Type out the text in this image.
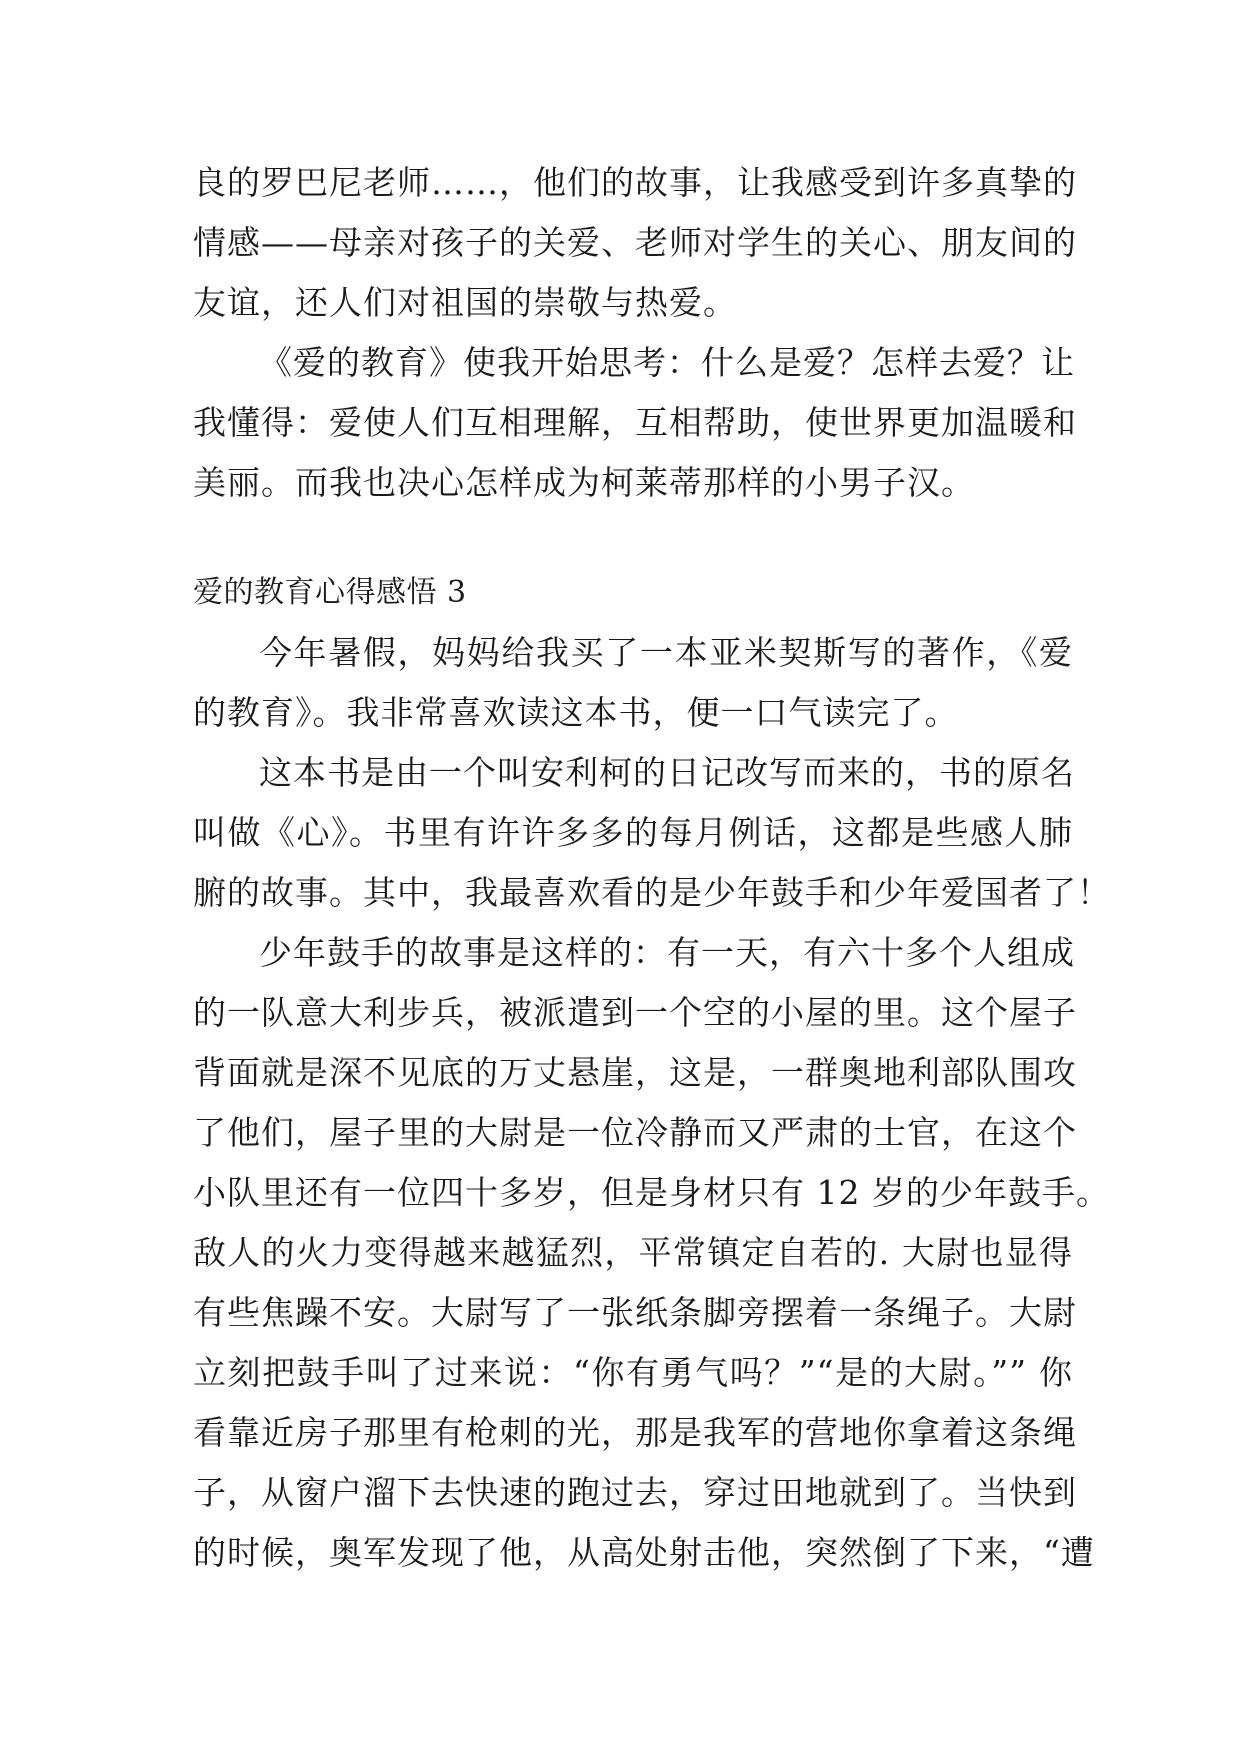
良的罗巴尼老师……，他们的故事，让我感受到许多真挚的
情感——母亲对孩子的关爱、老师对学生的关心、朋友间的
友谊，还人们对祖国的崇敬与热爱。
《爱的教育》使我开始思考：什么是爱？怎样去爱？让
我懂得：爱使人们互相理解，互相帮助，使世界更加温暖和
美丽。而我也决心怎样成为柯莱蒂那样的小男子汉。
爱的教育心得感悟 3
今年暑假，妈妈给我买了一本亚米契斯写的著作，《爱
的教育》。我非常喜欢读这本书，便一口气读完了。
这本书是由一个叫安利柯的日记改写而来的，书的原名
叫做《心》。书里有许许多多的每月例话，这都是些感人肺
腑的故事。其中，我最喜欢看的是少年鼓手和少年爱国者了！
少年鼓手的故事是这样的：有一天，有六十多个人组成
的一队意大利步兵，被派遣到一个空的小屋的里。这个屋子
背面就是深不见底的万丈悬崖，这是，一群奥地利部队围攻
了他们，屋子里的大尉是一位冷静而又严肃的士官，在这个
小队里还有一位四十多岁，但是身材只有 12 岁的少年鼓手。
敌人的火力变得越来越猛烈，平常镇定自若的. 大尉也显得
有些焦躁不安。大尉写了一张纸条脚旁摆着一条绳子。大尉
立刻把鼓手叫了过来说：“你有勇气吗？”“是的大尉。”” 你
看靠近房子那里有枪刺的光，那是我军的营地你拿着这条绳
子，从窗户溜下去快速的跑过去，穿过田地就到了。当快到
的时候，奥军发现了他，从高处射击他，突然倒了下来，“遭
